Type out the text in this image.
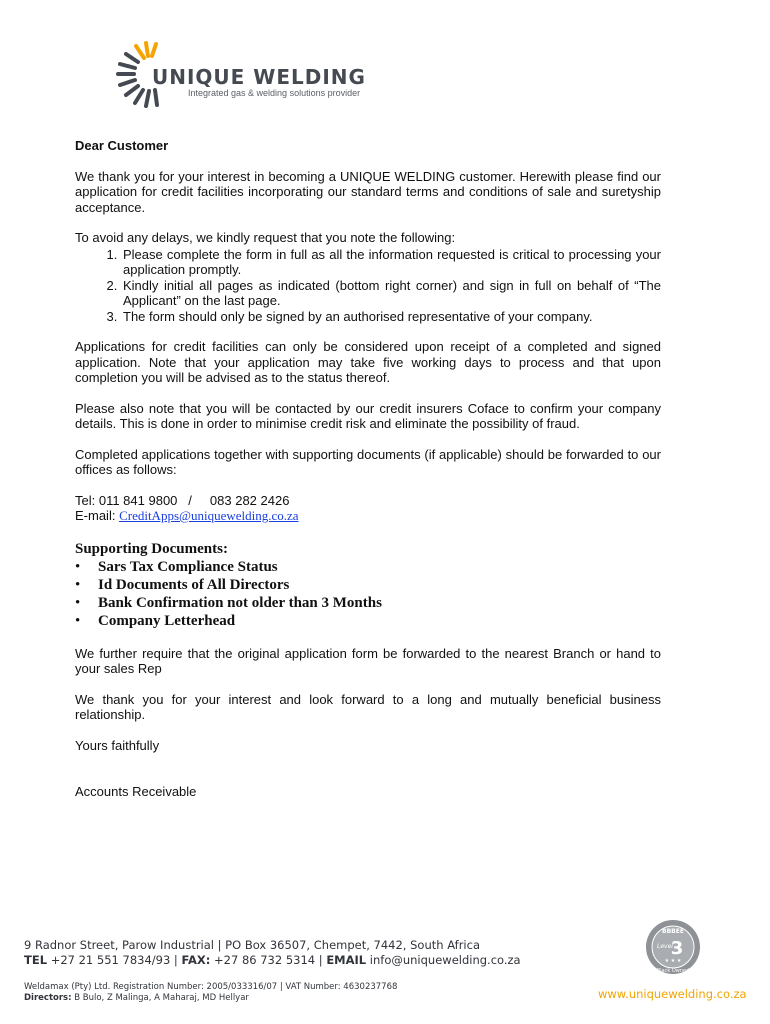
UNIQUE WELDING
Integrated gas & welding solutions provider

Dear Customer

We thank you for your interest in becoming a UNIQUE WELDING customer. Herewith please find our application for credit facilities incorporating our standard terms and conditions of sale and suretyship acceptance.

To avoid any delays, we kindly request that you note the following:

1. Please complete the form in full as all the information requested is critical to processing your application promptly.
2. Kindly initial all pages as indicated (bottom right corner) and sign in full on behalf of “The Applicant” on the last page.
3. The form should only be signed by an authorised representative of your company.

Applications for credit facilities can only be considered upon receipt of a completed and signed application. Note that your application may take five working days to process and that upon completion you will be advised as to the status thereof.

Please also note that you will be contacted by our credit insurers Coface to confirm your company details. This is done in order to minimise credit risk and eliminate the possibility of fraud.

Completed applications together with supporting documents (if applicable) should be forwarded to our offices as follows:

Tel: 011 841 9800   /     083 282 2426
E-mail: CreditApps@uniquewelding.co.za
Supporting Documents:
• Sars Tax Compliance Status
• Id Documents of All Directors
• Bank Confirmation not older than 3 Months
• Company Letterhead

We further require that the original application form be forwarded to the nearest Branch or hand to your sales Rep

We thank you for your interest and look forward to a long and mutually beneficial business relationship.

Yours faithfully

Accounts Receivable

9 Radnor Street, Parow Industrial | PO Box 36507, Chempet, 7442, South Africa
TEL +27 21 551 7834/93 | FAX: +27 86 732 5314 | EMAIL info@uniquewelding.co.za
Weldamax (Pty) Ltd. Registration Number: 2005/033316/07 | VAT Number: 4630237768
Directors: B Bulo, Z Malinga, A Maharaj, MD Hellyar
BBBEE
Level
3
★ ★ ★
Black Owned
www.uniquewelding.co.za
